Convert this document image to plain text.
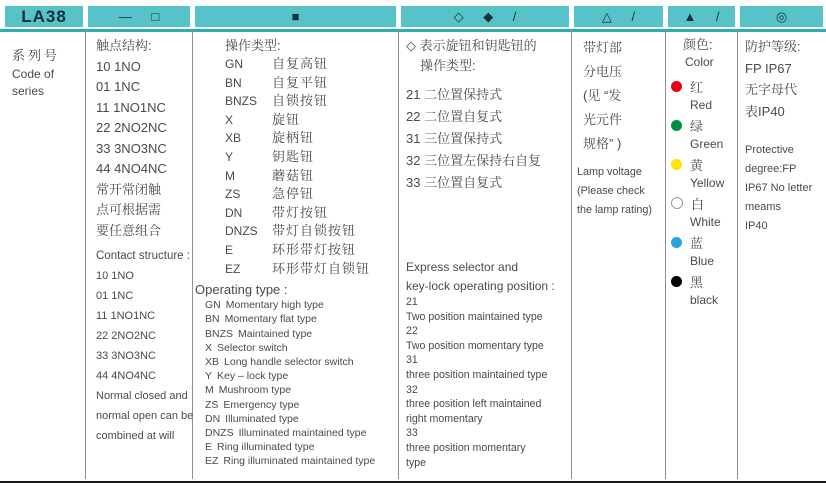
LA38	— □	■	◇ ◆ /	△ /	▲ /	◎
系列号
Code of
series
触点结构:
10 1NO
01 1NC
11 1NO1NC
22 2NO2NC
33 3NO3NC
44 4NO4NC
常开常闭触
点可根据需
要任意组合
Contact structure :
10 1NO
01 1NC
11 1NO1NC
22 2NO2NC
33 3NO3NC
44 4NO4NC
Normal closed and
normal open can be
combined at will
操作类型:
GN 自复高钮
BN 自复平钮
BNZS 自锁按钮
X	旋钮
XB 旋柄钮
Y	钥匙钮
M	蘑菇钮
ZS 急停钮
DN 带灯按钮
DNZS 带灯自锁按钮
E	环形带灯按钮
EZ 环形带灯自锁钮
Operating type :
GN Momentary high type
BN Momentary flat type
BNZS Maintained type
X Selector switch
XB Long handle selector switch
Y Key – lock type
M Mushroom type
ZS Emergency type
DN Illuminated type
DNZS Illuminated maintained type
E Ring illuminated type
EZ Ring illuminated maintained type
◇ 表示旋钮和钥匙钮的
操作类型:
21 二位置保持式
22 二位置自复式
31 三位置保持式
32 三位置左保持右自复
33 三位置自复式
Express selector and
key-lock operating position :
21
Two position maintained type
22
Two position momentary type
31
three position maintained type
32
three position left maintained
right momentary
33
three position momentary
type
带灯部
分电压
(见 “发
光元件
规格” )
Lamp voltage
(Please check
the lamp rating)
颜色:
Color
红
Red
绿
Green
黄
Yellow
白
White
蓝
Blue
黑
black
防护等级:
FP IP67
无字母代
表IP40
Protective
degree:FP
IP67 No letter
meams
IP40
